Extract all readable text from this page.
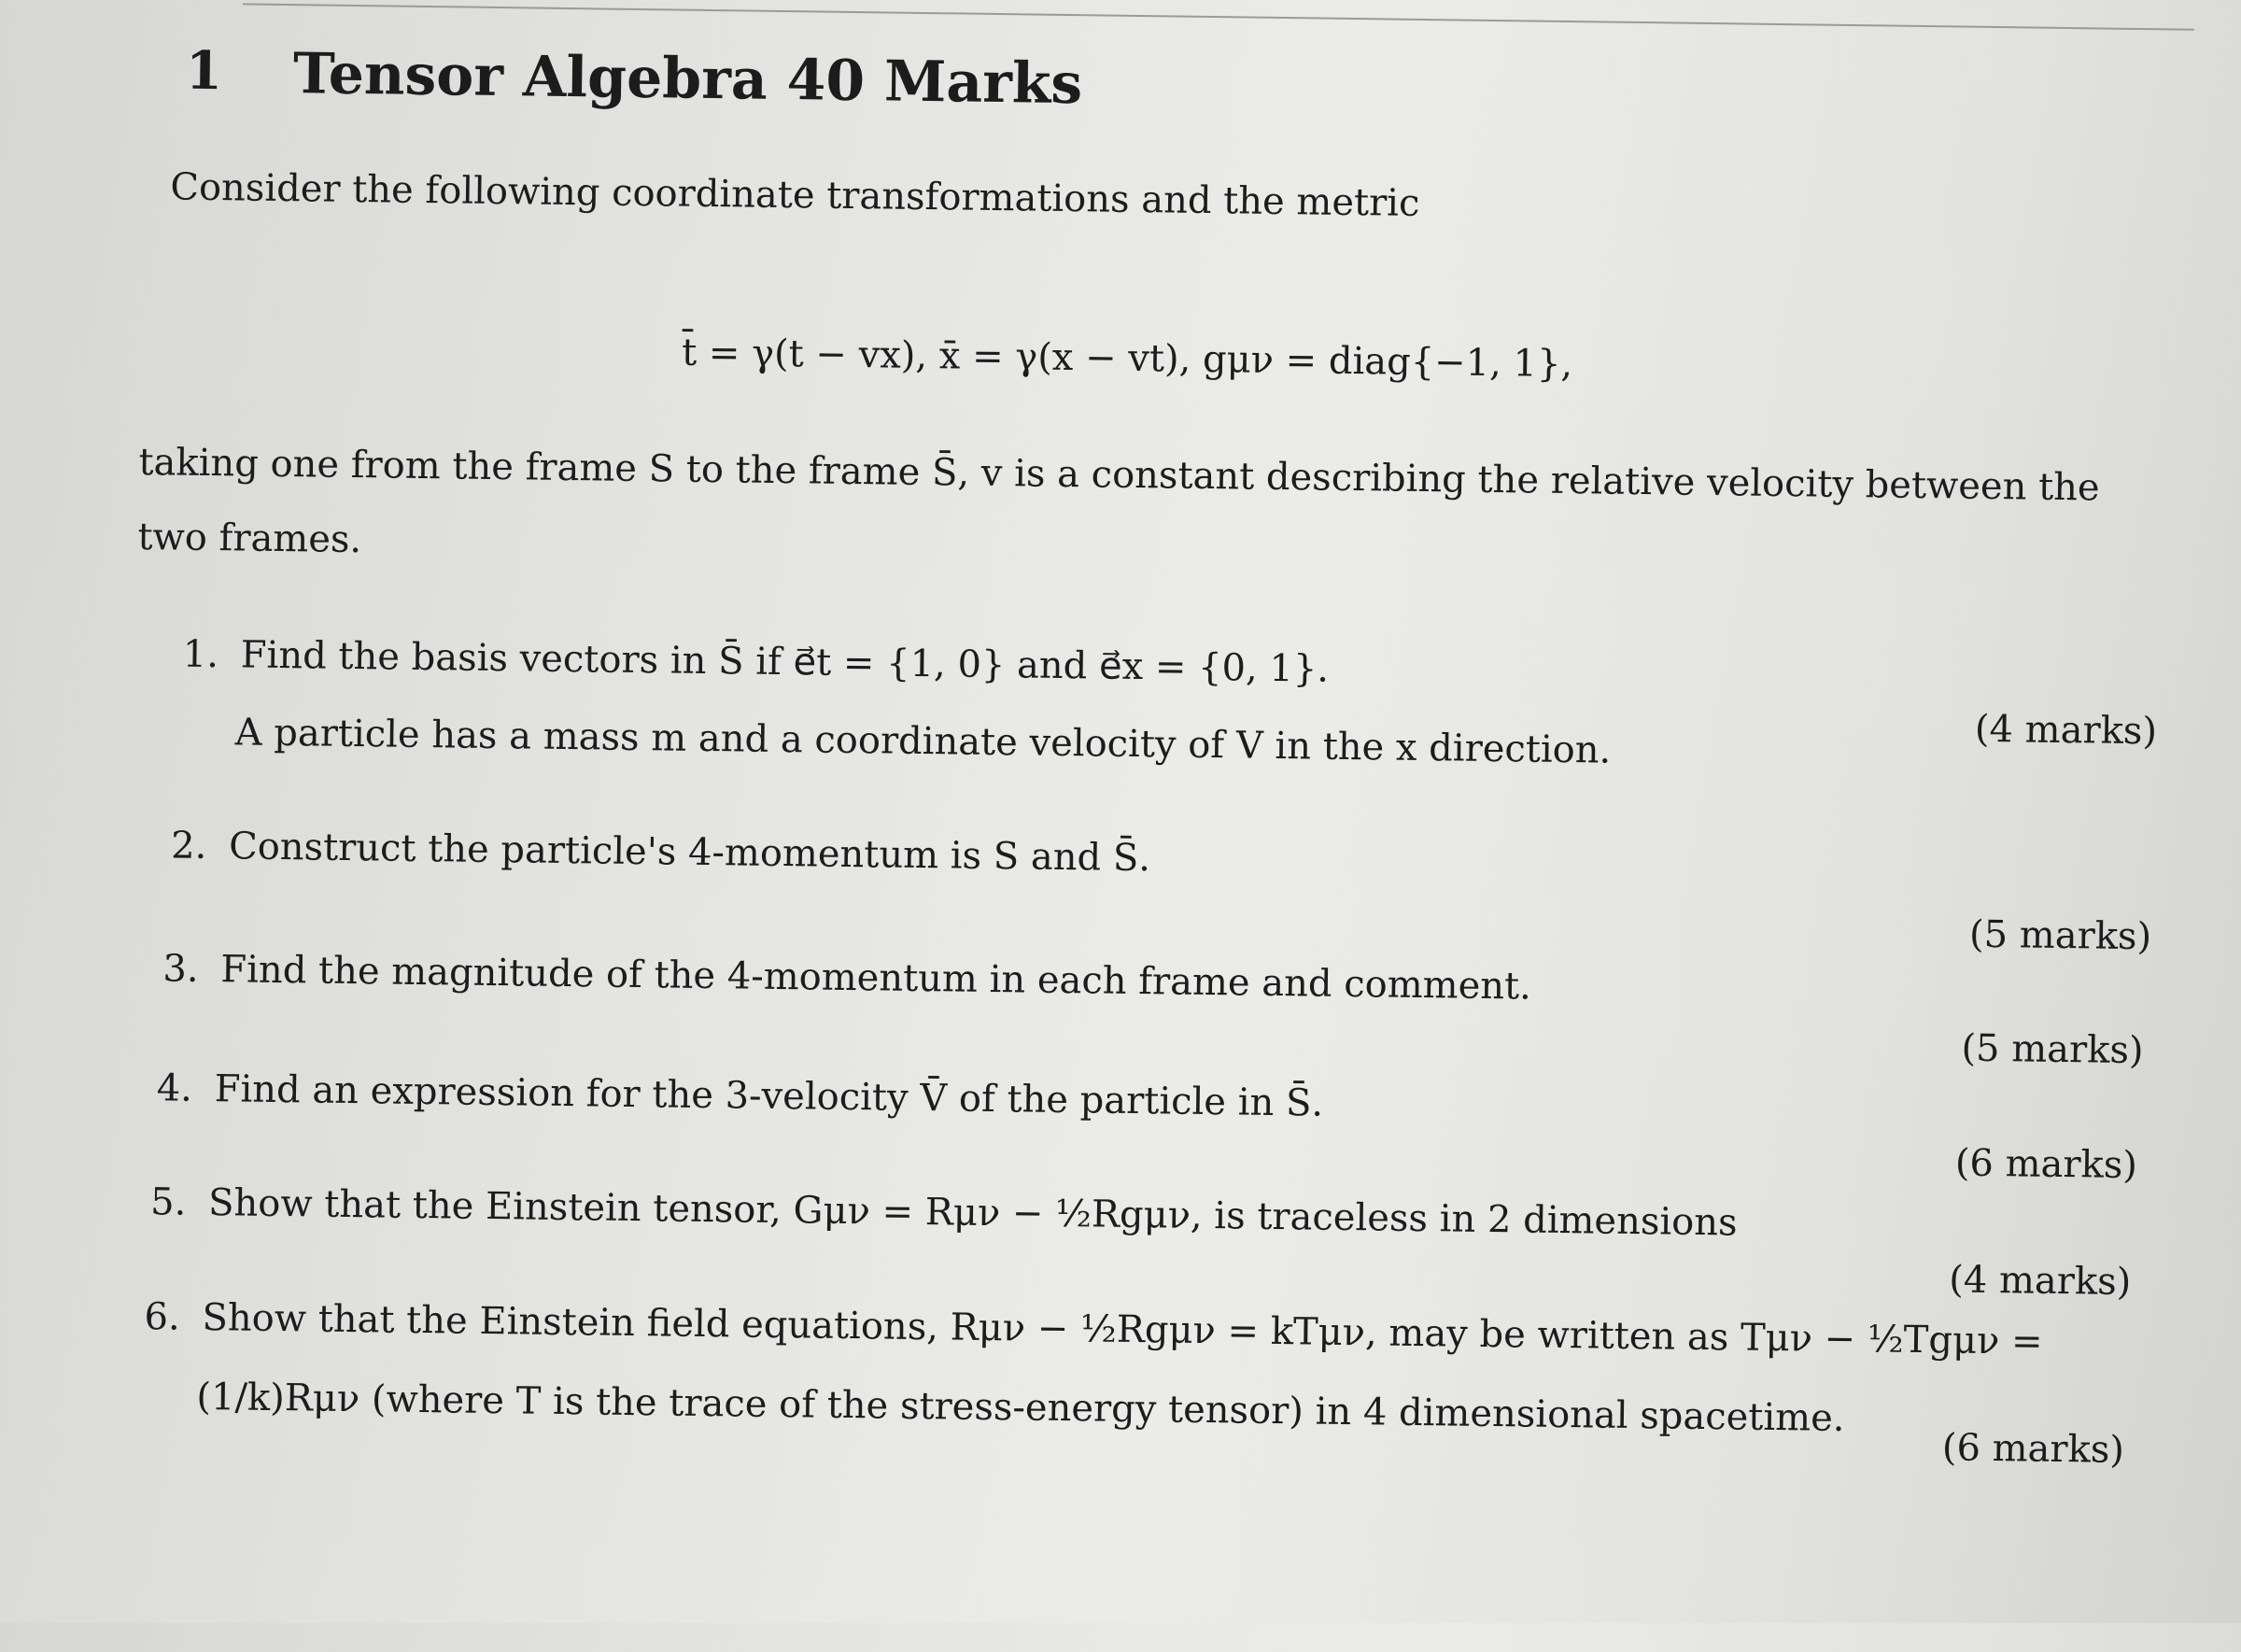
1 Tensor Algebra 40 Marks
Consider the following coordinate transformations and the metric
t̄ = γ(t − vx), x̄ = γ(x − vt), gμν = diag{−1, 1},
taking one from the frame S to the frame S̄, v is a constant describing the relative velocity between the
two frames.
1. Find the basis vectors in S̄ if e⃗t = {1, 0} and e⃗x = {0, 1}.
(4 marks)
A particle has a mass m and a coordinate velocity of V in the x direction.
2. Construct the particle's 4-momentum is S and S̄.
(5 marks)
3. Find the magnitude of the 4-momentum in each frame and comment.
(5 marks)
4. Find an expression for the 3-velocity V̄ of the particle in S̄.
(6 marks)
5. Show that the Einstein tensor, Gμν = Rμν − ½Rgμν, is traceless in 2 dimensions
(4 marks)
6. Show that the Einstein field equations, Rμν − ½Rgμν = kTμν, may be written as Tμν − ½Tgμν =
(1/k)Rμν (where T is the trace of the stress-energy tensor) in 4 dimensional spacetime.
(6 marks)
